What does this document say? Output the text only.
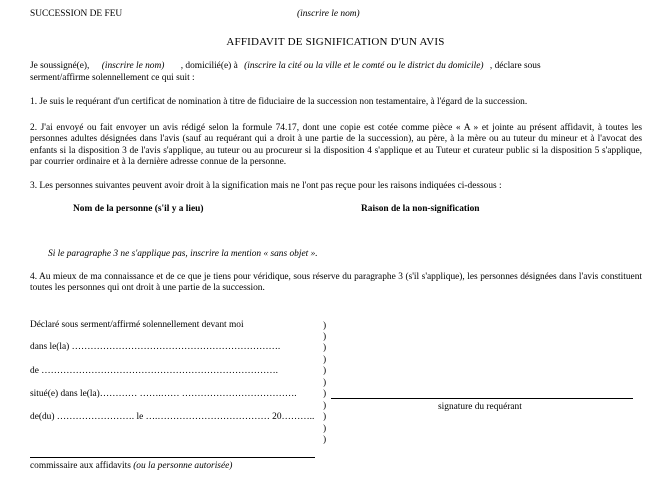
SUCCESSION DE FEU	(inscrire le nom)
AFFIDAVIT DE SIGNIFICATION D'UN AVIS
Je soussigné(e), (inscrire le nom) , domicilié(e) à (inscrire la cité ou la ville et le comté ou le district du domicile) , déclare sous
serment/affirme solennellement ce qui suit :
1. Je suis le requérant d'un certificat de nomination à titre de fiduciaire de la succession non testamentaire, à l'égard de la succession.
2. J'ai envoyé ou fait envoyer un avis rédigé selon la formule 74.17, dont une copie est cotée comme pièce « A » et jointe au présent affidavit, à toutes les personnes adultes désignées dans l'avis (sauf au requérant qui a droit à une partie de la succession), au père, à la mère ou au tuteur du mineur et à l'avocat des enfants si la disposition 3 de l'avis s'applique, au tuteur ou au procureur si la disposition 4 s'applique et au Tuteur et curateur public si la disposition 5 s'applique, par courrier ordinaire et à la dernière adresse connue de la personne.
3. Les personnes suivantes peuvent avoir droit à la signification mais ne l'ont pas reçue pour les raisons indiquées ci-dessous :
Nom de la personne (s'il y a lieu)	Raison de la non-signification
Si le paragraphe 3 ne s'applique pas, inscrire la mention « sans objet ».
4. Au mieux de ma connaissance et de ce que je tiens pour véridique, sous réserve du paragraphe 3 (s'il s'applique), les personnes désignées dans l'avis constituent toutes les personnes qui ont droit à une partie de la succession.
Déclaré sous serment/affirmé solennellement devant moi
dans le(la) ………………………………………………………….
de ………………………………………………………………….
situé(e) dans le(la)………… …….…… ……………………………….
de(du) ……………………. le ….……………………………… 20………..
)
)
)
)
)
)
)
)
)
)
)
signature du requérant
commissaire aux affidavits (ou la personne autorisée)
